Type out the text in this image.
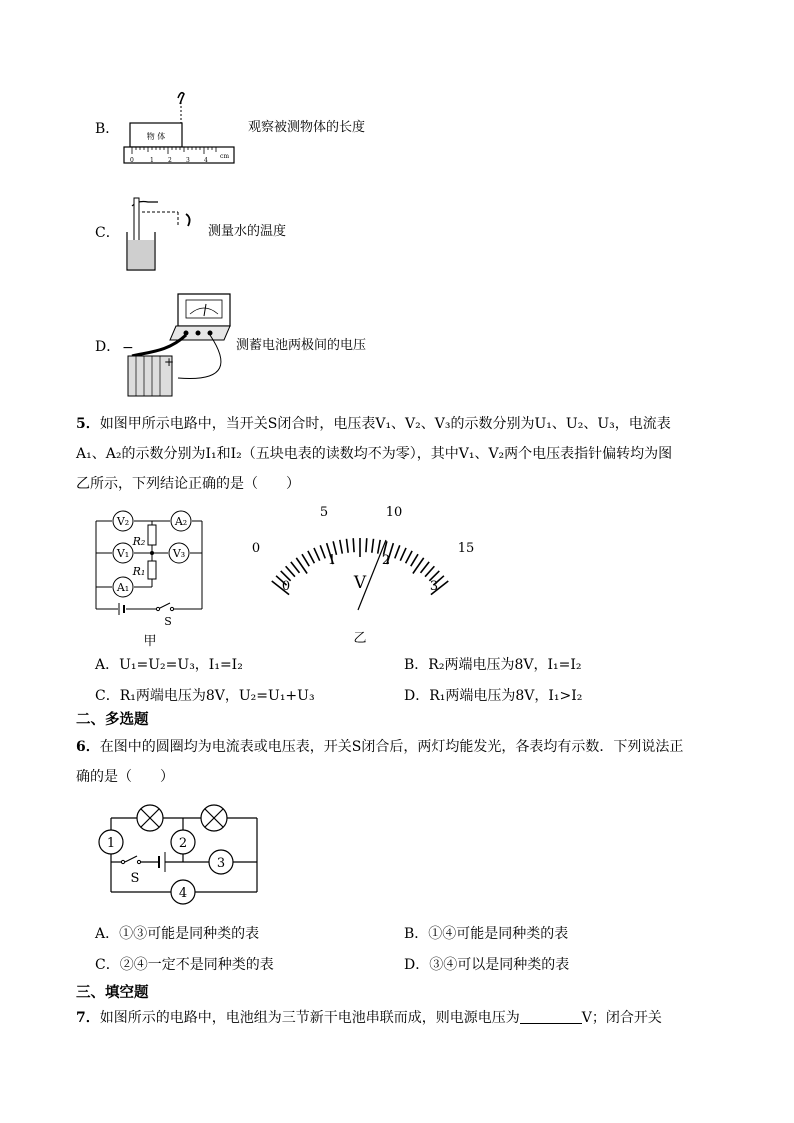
B．	物 体
0	1 2 3 4
cm
观察被测物体的长度
C．	测量水的温度
D． −
+
测蓄电池两极间的电压
5．如图甲所示电路中，当开关S闭合时，电压表V₁、V₂、V₃的示数分别为U₁、U₂、U₃，电流表
A₁、A₂的示数分别为I₁和I₂（五块电表的读数均不为零），其中V₁、V₂两个电压表指针偏转均为图
乙所示，下列结论正确的是（　　）
V₂	A₂
V₁	V₃
A₁
R₂
R₁
S
甲
0
5	10
15
0
1	2
3
V
乙
A．U₁=U₂=U₃，I₁=I₂	B．R₂两端电压为8V，I₁=I₂
C．R₁两端电压为8V，U₂=U₁+U₃	D．R₁两端电压为8V，I₁>I₂
二、多选题
6．在图中的圆圈均为电流表或电压表，开关S闭合后，两灯均能发光，各表均有示数．下列说法正
确的是（　　）
1	2
3
4
S
A．①③可能是同种类的表	B．①④可能是同种类的表
C．②④一定不是同种类的表	D．③④可以是同种类的表
三、填空题
7．如图所示的电路中，电池组为三节新干电池串联而成，则电源电压为	V；闭合开关
